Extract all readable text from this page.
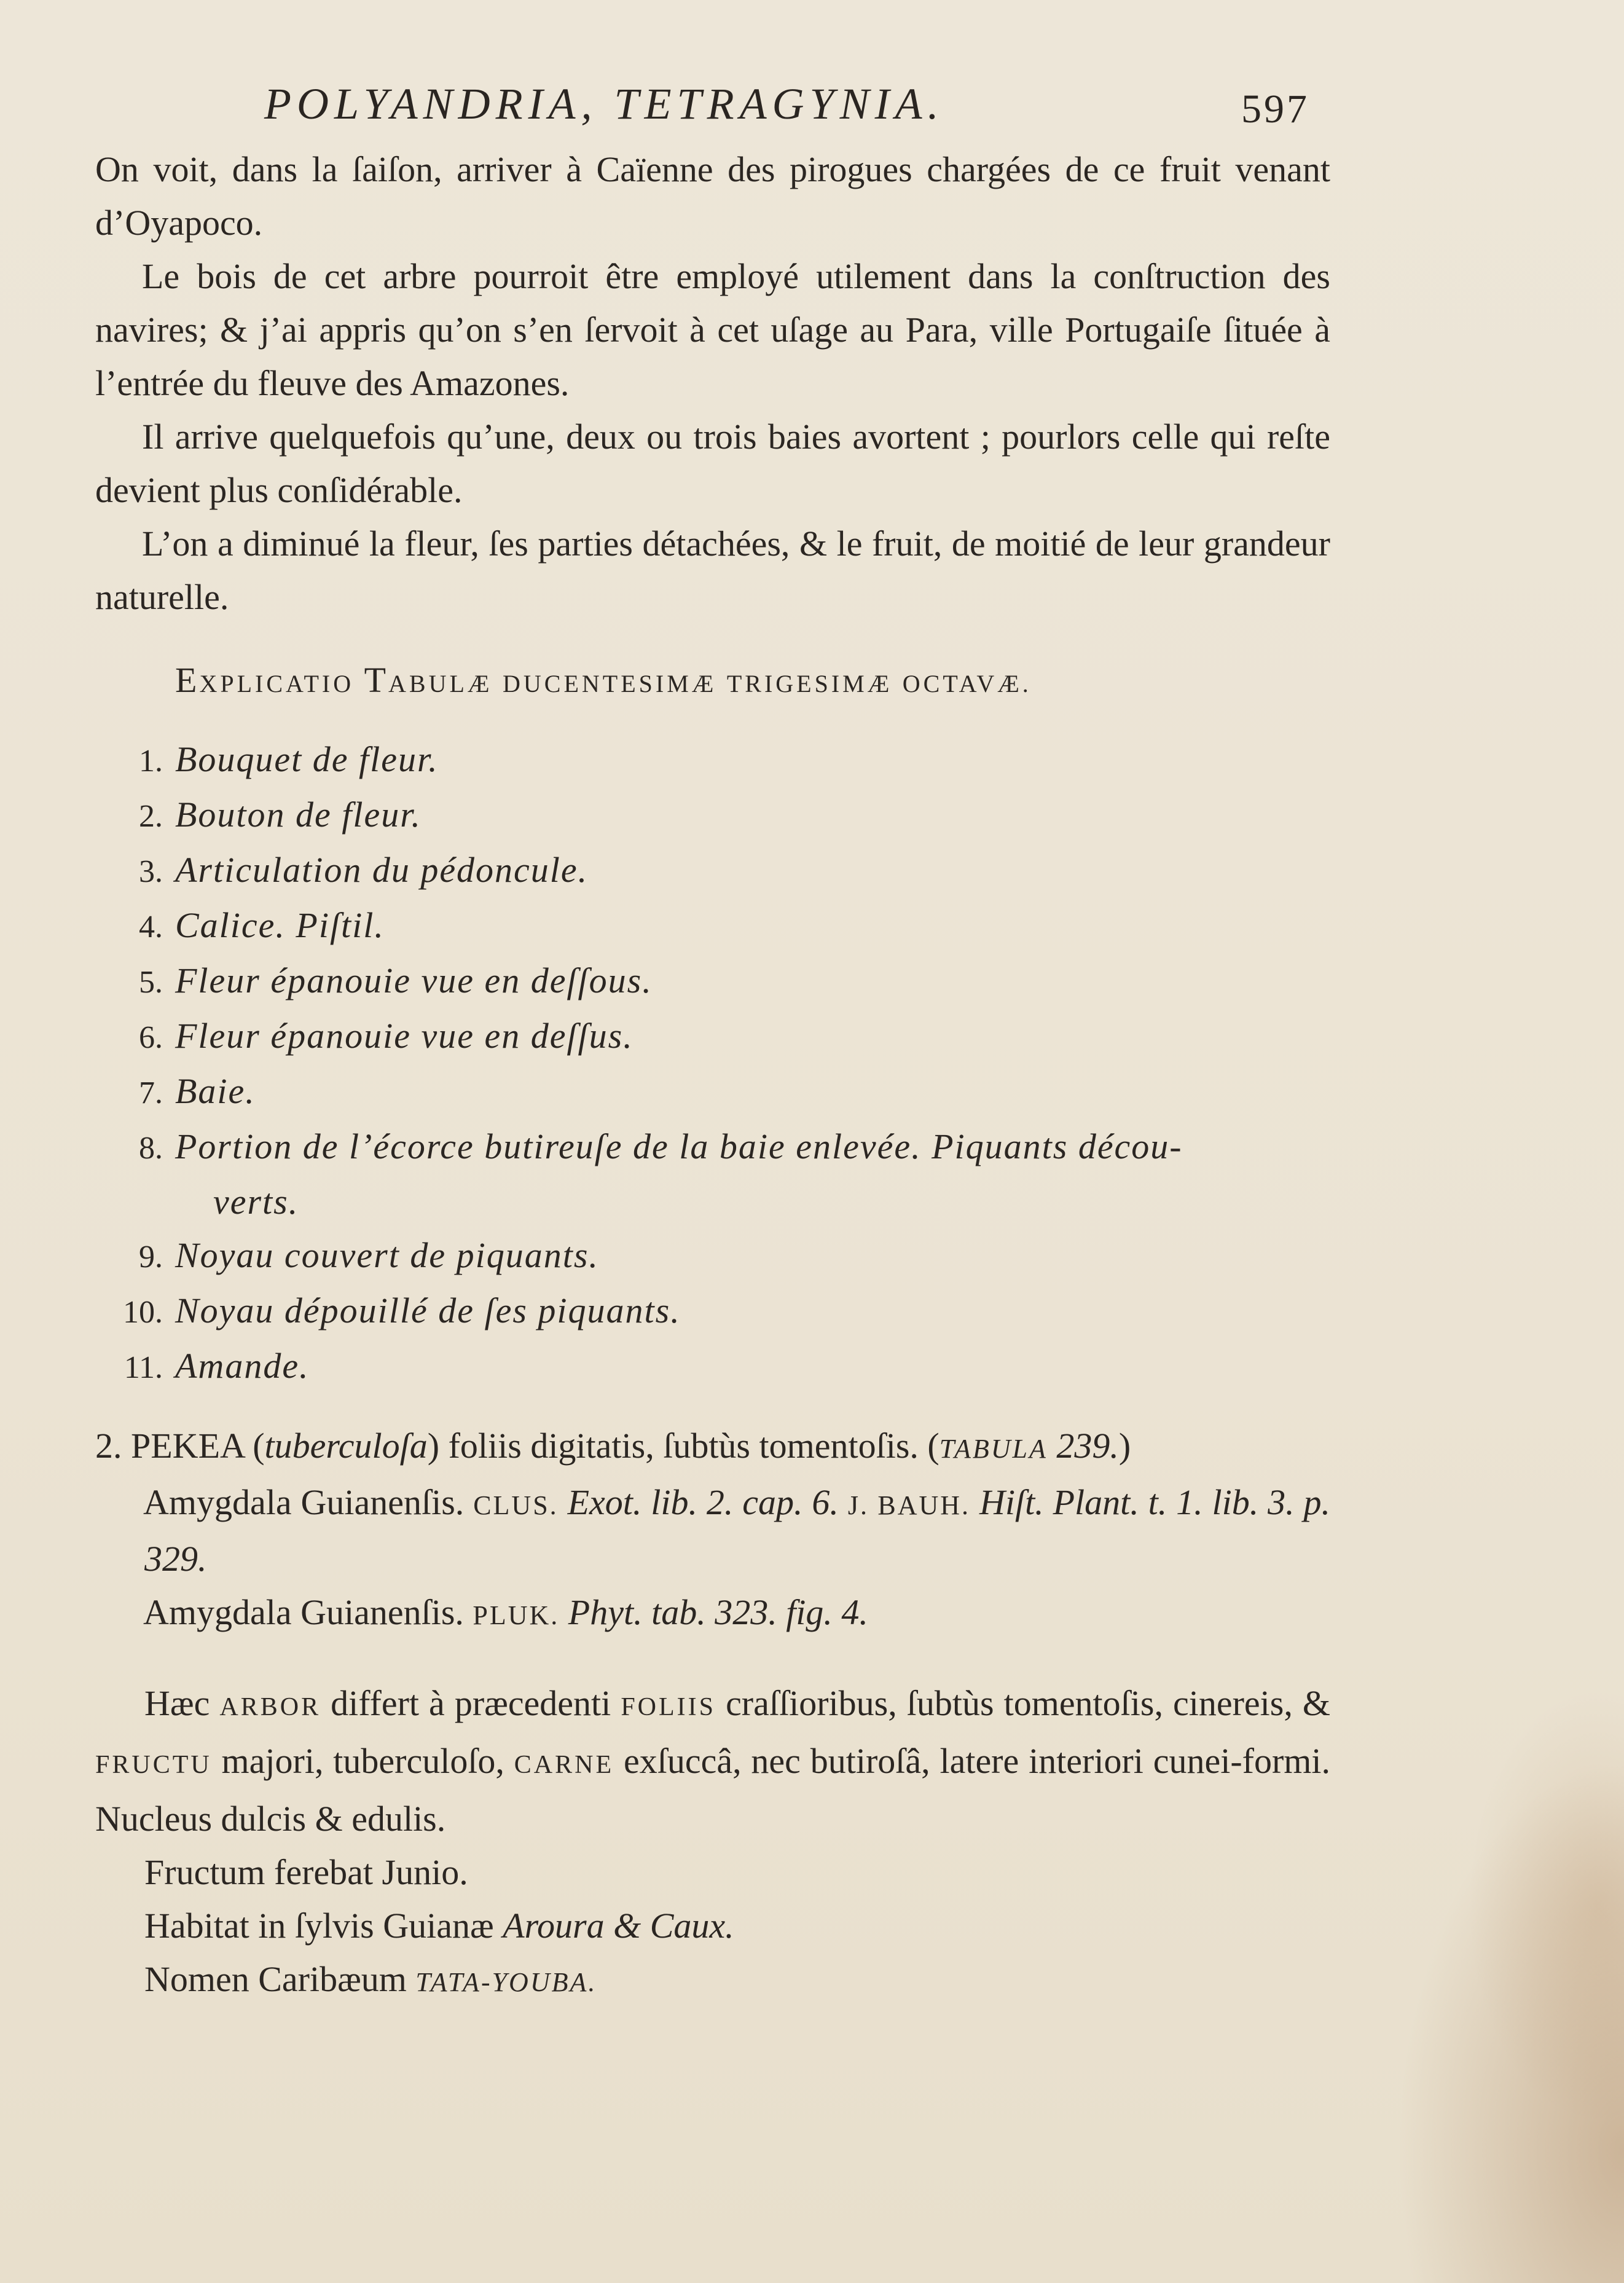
POLYANDRIA, TETRAGYNIA.	597

On voit, dans la ſaiſon, arriver à Caïenne des pirogues chargées de ce fruit venant d’Oyapoco.

Le bois de cet arbre pourroit être employé utilement dans la conſtruction des navires; & j’ai appris qu’on s’en ſervoit à cet uſage au Para, ville Portugaiſe ſituée à l’entrée du fleuve des Amazones.

Il arrive quelquefois qu’une, deux ou trois baies avortent ; pourlors celle qui reſte devient plus conſidérable.

L’on a diminué la fleur, ſes parties détachées, & le fruit, de moitié de leur grandeur naturelle.

EXPLICATIO TABULÆ DUCENTESIMÆ TRIGESIMÆ OCTAVÆ.
1. Bouquet de fleur.
2. Bouton de fleur.
3. Articulation du pédoncule.
4. Calice. Piſtil.
5. Fleur épanouie vue en deſſous.
6. Fleur épanouie vue en deſſus.
7. Baie.
8. Portion de l’écorce butireuſe de la baie enlevée. Piquants décou-
verts.
9. Noyau couvert de piquants.
10. Noyau dépouillé de ſes piquants.
11. Amande.

2. PEKEA (tuberculoſa) foliis digitatis, ſubtùs tomentoſis. (TABULA 239.)

Amygdala Guianenſis. CLUS. Exot. lib. 2. cap. 6. J. BAUH. Hiſt. Plant. t. 1. lib. 3. p. 329.

Amygdala Guianenſis. PLUK. Phyt. tab. 323. fig. 4.

Hæc ARBOR differt à præcedenti FOLIIS craſſioribus, ſubtùs tomentoſis, cinereis, & FRUCTU majori, tuberculoſo, CARNE exſuccâ, nec butiroſâ, latere interiori cunei-formi. Nucleus dulcis & edulis.

Fructum ferebat Junio.

Habitat in ſylvis Guianæ Aroura & Caux.

Nomen Caribæum TATA-YOUBA.
